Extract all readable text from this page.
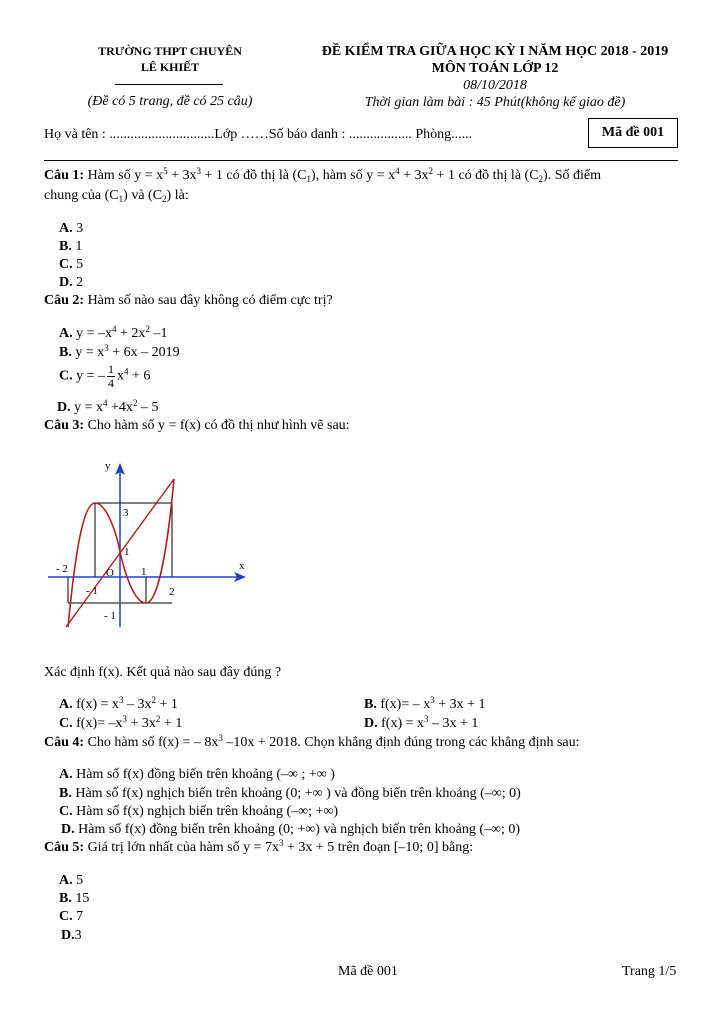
TRƯỜNG THPT CHUYÊN
LÊ KHIẾT
(Đề có 5 trang, đề có 25 câu)
ĐỀ KIỂM TRA GIỮA HỌC KỲ I NĂM HỌC 2018 - 2019
MÔN TOÁN LỚP 12
08/10/2018
Thời gian làm bài : 45 Phút(không kể giao đề)
Họ và tên : ..............................Lớp ……Số báo danh : .................. Phòng......	Mã đề 001
Câu 1: Hàm số $y = x^5 + 3x^3 + 1$ có đồ thị là $(C_1)$, hàm số $y = x^4 + 3x^2 + 1$ có đồ thị là $(C_2)$. Số điểm
chung của $(C_1)$ và $(C_2)$ là:
A. 3
B. 1
C. 5
D. 2
Câu 2: Hàm số nào sau đây không có điểm cực trị?
A. $y = -x^4 + 2x^2$ –1
B. $y = x^3 + 6x - 2019$
C. y = – $\frac{1}{4} x^4 + 6$
D. $y = x^4 +4x^2 - 5$
Câu 3: Cho hàm số y = f(x) có đồ thị như hình vẽ sau:
y
x
O
3
1
- 2
- 1
1
2
- 1
Xác định f(x). Kết quả nào sau đây đúng ?
A. $f(x) = x^3 - 3x^2 + 1$	B. $f(x)= - x^3 + 3x + 1$
C. $f(x)= -x^3 + 3x^2 + 1$	D. $f(x) = x^3 - 3x + 1$
Câu 4: Cho hàm số f(x) = – $8x^3$ –10x + 2018. Chọn khẳng định đúng trong các khẳng định sau:
A. Hàm số f(x) đồng biến trên khoảng (–∞ ; +∞ )
B. Hàm số f(x) nghịch biến trên khoảng (0; +∞ ) và đồng biến trên khoảng (–∞; 0)
C. Hàm số f(x) nghịch biến trên khoảng (–∞; +∞)
D. Hàm số f(x) đồng biến trên khoảng (0; +∞) và nghịch biến trên khoảng (–∞; 0)
Câu 5: Giá trị lớn nhất của hàm số $y = 7x^3 + 3x + 5$ trên đoạn [–10; 0] bằng:
A. 5
B. 15
C. 7
D.3
Mã đề 001	Trang 1/5
